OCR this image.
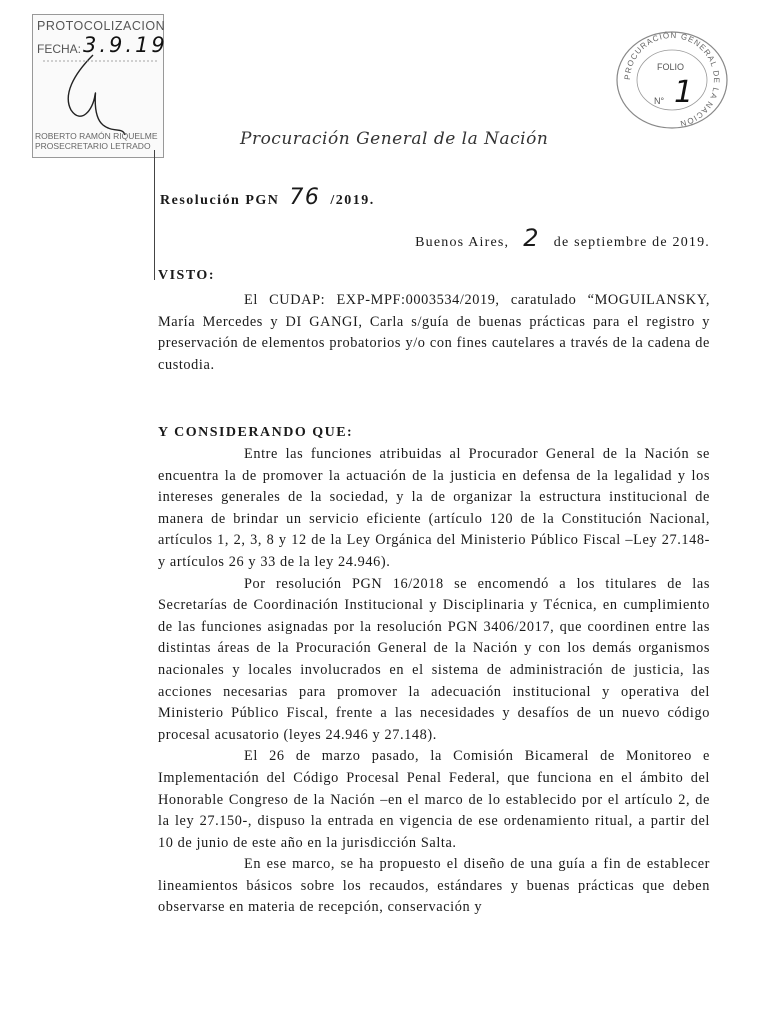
PROTOCOLIZACION
FECHA: 3.9.19
ROBERTO RAMÓN RIQUELME
PROSECRETARIO LETRADO
PROCURACIÓN GENERAL DE LA NACIÓN
FOLIO
N° 1
Procuración General de la Nación
Resolución PGN 76 /2019.
Buenos Aires, 2 de septiembre de 2019.
VISTO:

El CUDAP: EXP-MPF:0003534/2019, caratulado “MOGUILANSKY, María Mercedes y DI GANGI, Carla s/guía de buenas prácticas para el registro y preservación de elementos probatorios y/o con fines cautelares a través de la cadena de custodia.

Y CONSIDERANDO QUE:

Entre las funciones atribuidas al Procurador General de la Nación se encuentra la de promover la actuación de la justicia en defensa de la legalidad y los intereses generales de la sociedad, y la de organizar la estructura institucional de manera de brindar un servicio eficiente (artículo 120 de la Constitución Nacional, artículos 1, 2, 3, 8 y 12 de la Ley Orgánica del Ministerio Público Fiscal –Ley 27.148- y artículos 26 y 33 de la ley 24.946).

Por resolución PGN 16/2018 se encomendó a los titulares de las Secretarías de Coordinación Institucional y Disciplinaria y Técnica, en cumplimiento de las funciones asignadas por la resolución PGN 3406/2017, que coordinen entre las distintas áreas de la Procuración General de la Nación y con los demás organismos nacionales y locales involucrados en el sistema de administración de justicia, las acciones necesarias para promover la adecuación institucional y operativa del Ministerio Público Fiscal, frente a las necesidades y desafíos de un nuevo código procesal acusatorio (leyes 24.946 y 27.148).

El 26 de marzo pasado, la Comisión Bicameral de Monitoreo e Implementación del Código Procesal Penal Federal, que funciona en el ámbito del Honorable Congreso de la Nación –en el marco de lo establecido por el artículo 2, de la ley 27.150-, dispuso la entrada en vigencia de ese ordenamiento ritual, a partir del 10 de junio de este año en la jurisdicción Salta.

En ese marco, se ha propuesto el diseño de una guía a fin de establecer lineamientos básicos sobre los recaudos, estándares y buenas prácticas que deben observarse en materia de recepción, conservación y
